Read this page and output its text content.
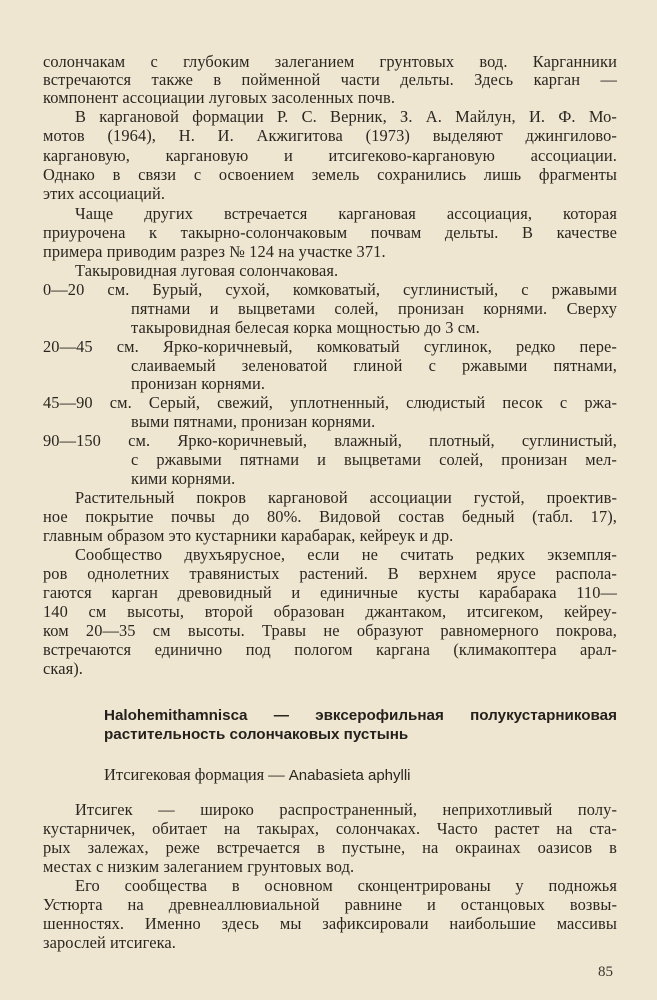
солончакам с глубоким залеганием грунтовых вод. Карганники
встречаются также в пойменной части дельты. Здесь карган —
компонент ассоциации луговых засоленных почв.
В каргановой формации Р. С. Верник, З. А. Майлун, И. Ф. Мо-
мотов (1964), Н. И. Акжигитова (1973) выделяют джингилово-
каргановую, каргановую и итсигеково-каргановую ассоциации.
Однако в связи с освоением земель сохранились лишь фрагменты
этих ассоциаций.
Чаще других встречается каргановая ассоциация, которая
приурочена к такырно-солончаковым почвам дельты. В качестве
примера приводим разрез № 124 на участке 371.
Такыровидная луговая солончаковая.
0—20 см. Бурый, сухой, комковатый, суглинистый, с ржавыми
пятнами и выцветами солей, пронизан корнями. Сверху
такыровидная белесая корка мощностью до 3 см.
20—45 см. Ярко-коричневый, комковатый суглинок, редко пере-
слаиваемый зеленоватой глиной с ржавыми пятнами,
пронизан корнями.
45—90 см. Серый, свежий, уплотненный, слюдистый песок с ржа-
выми пятнами, пронизан корнями.
90—150 см. Ярко-коричневый, влажный, плотный, суглинистый,
с ржавыми пятнами и выцветами солей, пронизан мел-
кими корнями.
Растительный покров каргановой ассоциации густой, проектив-
ное покрытие почвы до 80%. Видовой состав бедный (табл. 17),
главным образом это кустарники карабарак, кейреук и др.
Сообщество двухъярусное, если не считать редких экземпля-
ров однолетних травянистых растений. В верхнем ярусе распола-
гаются карган древовидный и единичные кусты карабарака 110—
140 см высоты, второй образован джантаком, итсигеком, кейреу-
ком 20—35 см высоты. Травы не образуют равномерного покрова,
встречаются единично под пологом каргана (климакоптера арал-
ская).
Halohemithamnisca — эвксерофильная полукустарниковая
растительность солончаковых пустынь
Итсигековая формация — Anabasieta aphylli
Итсигек — широко распространенный, неприхотливый полу-
кустарничек, обитает на такырах, солончаках. Часто растет на ста-
рых залежах, реже встречается в пустыне, на окраинах оазисов в
местах с низким залеганием грунтовых вод.
Его сообщества в основном сконцентрированы у подножья
Устюрта на древнеаллювиальной равнине и останцовых возвы-
шенностях. Именно здесь мы зафиксировали наибольшие массивы
зарослей итсигека.
85
